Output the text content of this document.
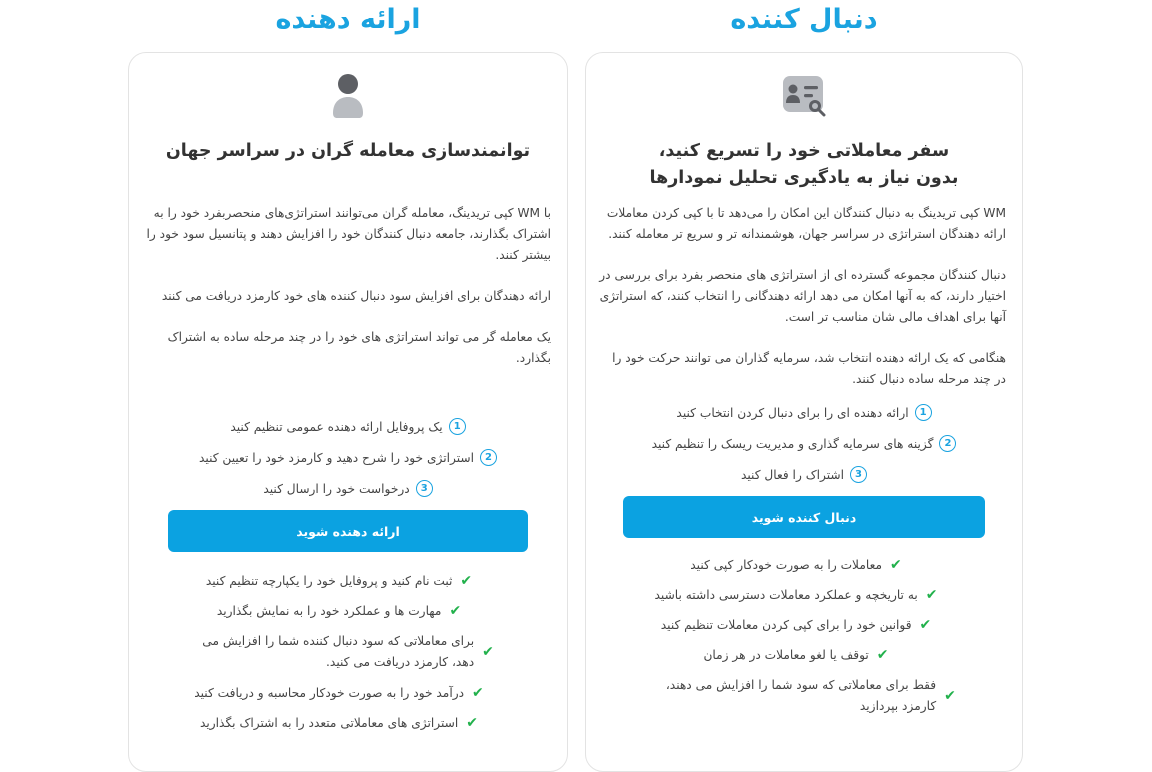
ارائه دهنده	دنبال کننده
توانمندسازی معامله گران در سراسر جهان

با WM کپی تریدینگ، معامله گران می‌توانند استراتژی‌های منحصربفرد خود را به اشتراک بگذارند، جامعه دنبال کنندگان خود را افزایش دهند و پتانسیل سود خود را بیشتر کنند.

ارائه دهندگان برای افزایش سود دنبال کننده های خود کارمزد دریافت می کنند

یک معامله گر می تواند استراتژی های خود را در چند مرحله ساده به اشتراک بگذارد.

1
یک پروفایل ارائه دهنده عمومی تنظیم کنید
2
استراتژی خود را شرح دهید و کارمزد خود را تعیین کنید
3
درخواست خود را ارسال کنید
ارائه دهنده شوید
✔
ثبت نام کنید و پروفایل خود را یکپارچه تنظیم کنید
✔
مهارت ها و عملکرد خود را به نمایش بگذارید
✔
برای معاملاتی که سود دنبال کننده شما را افزایش می دهد، کارمزد دریافت می کنید.
✔
درآمد خود را به صورت خودکار محاسبه و دریافت کنید
✔
استراتژی های معاملاتی متعدد را به اشتراک بگذارید
سفر معاملاتی خود را تسریع کنید،
بدون نیاز به یادگیری تحلیل نمودارها

WM کپی تریدینگ به دنبال کنندگان این امکان را می‌دهد تا با کپی کردن معاملات ارائه دهندگان استراتژی در سراسر جهان، هوشمندانه تر و سریع تر معامله کنند.

دنبال کنندگان مجموعه گسترده ای از استراتژی های منحصر بفرد برای بررسی در اختیار دارند، که به آنها امکان می دهد ارائه دهندگانی را انتخاب کنند، که استراتژی آنها برای اهداف مالی شان مناسب تر است.

هنگامی که یک ارائه دهنده انتخاب شد، سرمایه گذاران می توانند حرکت خود را در چند مرحله ساده دنبال کنند.

1
ارائه دهنده ای را برای دنبال کردن انتخاب کنید
2
گزینه های سرمایه گذاری و مدیریت ریسک را تنظیم کنید
3
اشتراک را فعال کنید
دنبال کننده شوید
✔
معاملات را به صورت خودکار کپی کنید
✔
به تاریخچه و عملکرد معاملات دسترسی داشته باشید
✔
قوانین خود را برای کپی کردن معاملات تنظیم کنید
✔
توقف یا لغو معاملات در هر زمان
✔
فقط برای معاملاتی که سود شما را افزایش می دهند، کارمزد بپردازید
